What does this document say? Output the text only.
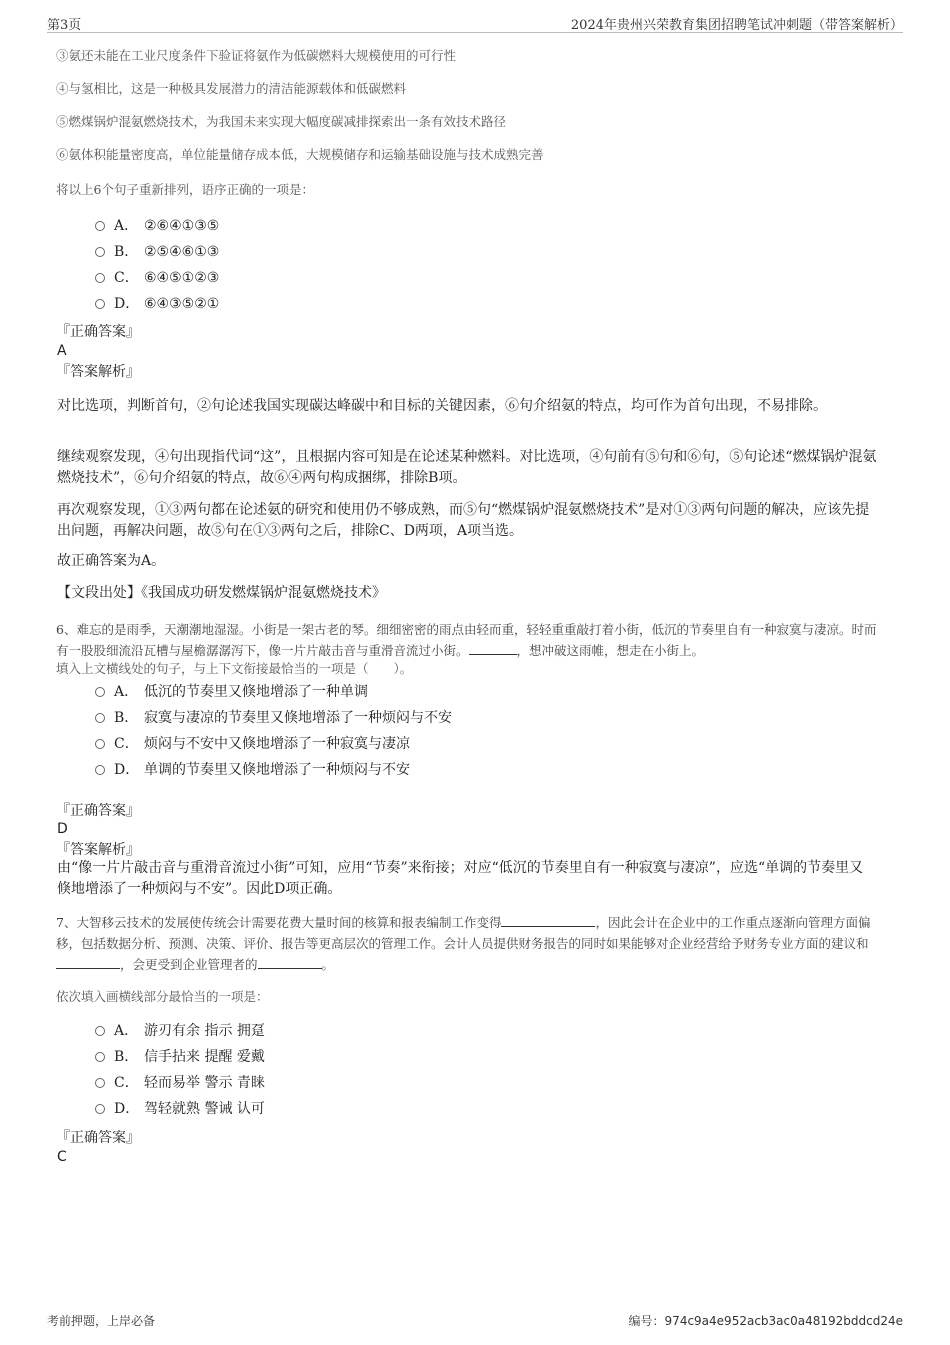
第3页	2024年贵州兴荣教育集团招聘笔试冲刺题（带答案解析）
③氨还未能在工业尺度条件下验证将氨作为低碳燃料大规模使用的可行性
④与氢相比，这是一种极具发展潜力的清洁能源载体和低碳燃料
⑤燃煤锅炉混氨燃烧技术，为我国未来实现大幅度碳减排探索出一条有效技术路径
⑥氨体积能量密度高，单位能量储存成本低，大规模储存和运输基础设施与技术成熟完善
将以上6个句子重新排列，语序正确的一项是：
A． ②⑥④①③⑤
B． ②⑤④⑥①③
C． ⑥④⑤①②③
D． ⑥④③⑤②①
『正确答案』
A
『答案解析』
对比选项，判断首句，②句论述我国实现碳达峰碳中和目标的关键因素，⑥句介绍氨的特点，均可作为首句出现，不易排除。
继续观察发现，④句出现指代词“这”，且根据内容可知是在论述某种燃料。对比选项，④句前有⑤句和⑥句，⑤句论述“燃煤锅炉混氨燃烧技术”，⑥句介绍氨的特点，故⑥④两句构成捆绑，排除B项。
再次观察发现，①③两句都在论述氨的研究和使用仍不够成熟，而⑤句“燃煤锅炉混氨燃烧技术”是对①③两句问题的解决，应该先提出问题，再解决问题，故⑤句在①③两句之后，排除C、D两项，A项当选。
故正确答案为A。
【文段出处】《我国成功研发燃煤锅炉混氨燃烧技术》
6、难忘的是雨季，天潮潮地湿湿。小街是一架古老的琴。细细密密的雨点由轻而重，轻轻重重敲打着小街，低沉的节奏里自有一种寂寞与凄凉。时而有一股股细流沿瓦槽与屋檐潺潺泻下，像一片片敲击音与重滑音流过小街。	，想冲破这雨帷，想走在小街上。
填入上文横线处的句子，与上下文衔接最恰当的一项是（　　）。
A． 低沉的节奏里又倏地增添了一种单调
B． 寂寞与凄凉的节奏里又倏地增添了一种烦闷与不安
C． 烦闷与不安中又倏地增添了一种寂寞与凄凉
D． 单调的节奏里又倏地增添了一种烦闷与不安
『正确答案』
D
『答案解析』
由“像一片片敲击音与重滑音流过小街”可知，应用“节奏”来衔接；对应“低沉的节奏里自有一种寂寞与凄凉”，应选“单调的节奏里又倏地增添了一种烦闷与不安”。因此D项正确。
7、大智移云技术的发展使传统会计需要花费大量时间的核算和报表编制工作变得	，因此会计在企业中的工作重点逐渐向管理方面偏移，包括数据分析、预测、决策、评价、报告等更高层次的管理工作。会计人员提供财务报告的同时如果能够对企业经营给予财务专业方面的建议和，会更受到企业管理者的	。
依次填入画横线部分最恰当的一项是：
A． 游刃有余 指示 拥趸
B． 信手拈来 提醒 爱戴
C． 轻而易举 警示 青睐
D． 驾轻就熟 警诫 认可
『正确答案』
C
考前押题，上岸必备	编号：974c9a4e952acb3ac0a48192bddcd24e
